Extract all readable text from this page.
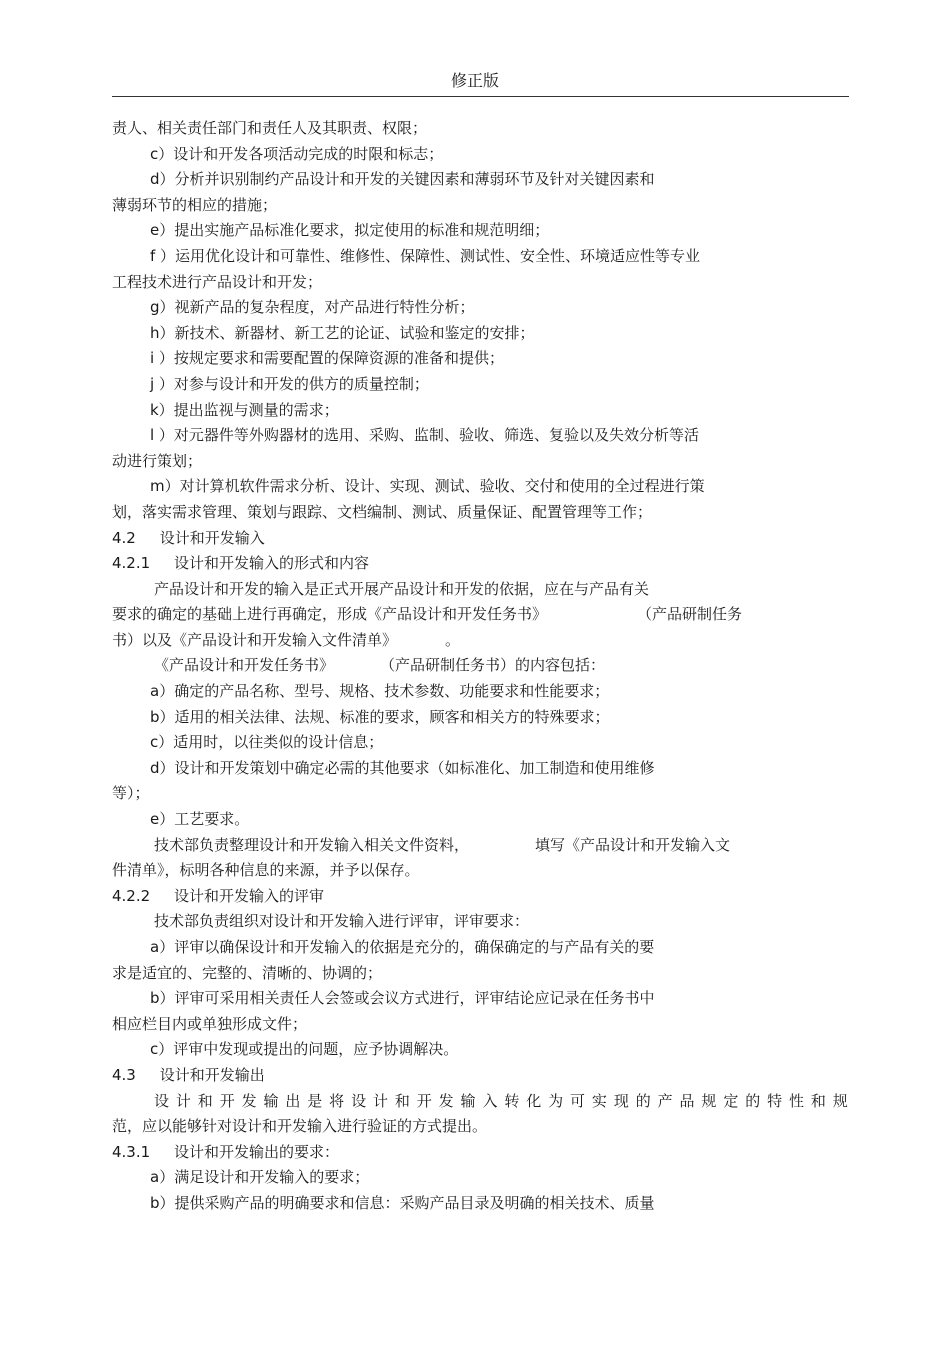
修正版
责人、相关责任部门和责任人及其职责、权限；
c）设计和开发各项活动完成的时限和标志；
d）分析并识别制约产品设计和开发的关键因素和薄弱环节及针对关键因素和
薄弱环节的相应的措施；
e）提出实施产品标准化要求，拟定使用的标准和规范明细；
f ）运用优化设计和可靠性、维修性、保障性、测试性、安全性、环境适应性等专业
工程技术进行产品设计和开发；
g）视新产品的复杂程度，对产品进行特性分析；
h）新技术、新器材、新工艺的论证、试验和鉴定的安排；
i ）按规定要求和需要配置的保障资源的准备和提供；
j ）对参与设计和开发的供方的质量控制；
k）提出监视与测量的需求；
l ）对元器件等外购器材的选用、采购、监制、验收、筛选、复验以及失效分析等活
动进行策划；
m）对计算机软件需求分析、设计、实现、测试、验收、交付和使用的全过程进行策
划，落实需求管理、策划与跟踪、文档编制、测试、质量保证、配置管理等工作；
4.2     设计和开发输入
4.2.1     设计和开发输入的形式和内容
产品设计和开发的输入是正式开展产品设计和开发的依据，应在与产品有关
要求的确定的基础上进行再确定，形成《产品设计和开发任务书》	（产品研制任务
书）以及《产品设计和开发输入文件清单》	。
《产品设计和开发任务书》	（产品研制任务书）的内容包括：
a）确定的产品名称、型号、规格、技术参数、功能要求和性能要求；
b）适用的相关法律、法规、标准的要求，顾客和相关方的特殊要求；
c）适用时，以往类似的设计信息；
d）设计和开发策划中确定必需的其他要求（如标准化、加工制造和使用维修
等）；
e）工艺要求。
技术部负责整理设计和开发输入相关文件资料，	填写《产品设计和开发输入文
件清单》，标明各种信息的来源，并予以保存。
4.2.2     设计和开发输入的评审
技术部负责组织对设计和开发输入进行评审，评审要求：
a）评审以确保设计和开发输入的依据是充分的，确保确定的与产品有关的要
求是适宜的、完整的、清晰的、协调的；
b）评审可采用相关责任人会签或会议方式进行，评审结论应记录在任务书中
相应栏目内或单独形成文件；
c）评审中发现或提出的问题，应予协调解决。
4.3     设计和开发输出
设计和开发输出是将设计和开发输入转化为可实现的产品规定的特性和规
范，应以能够针对设计和开发输入进行验证的方式提出。
4.3.1     设计和开发输出的要求：
a）满足设计和开发输入的要求；
b）提供采购产品的明确要求和信息：采购产品目录及明确的相关技术、质量
